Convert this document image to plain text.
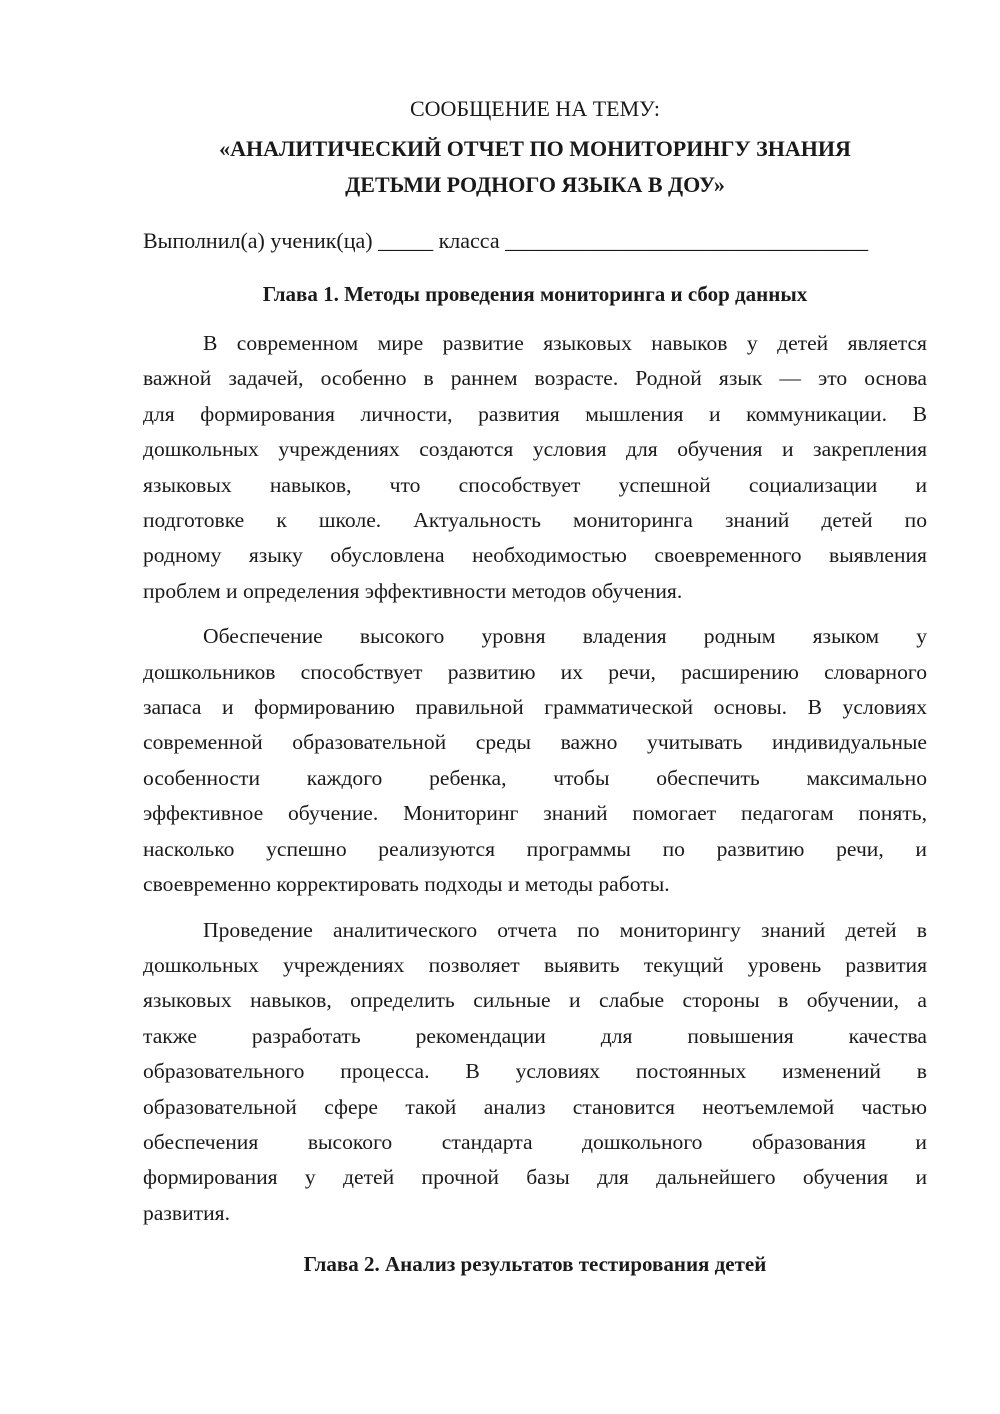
СООБЩЕНИЕ НА ТЕМУ:

«АНАЛИТИЧЕСКИЙ ОТЧЕТ ПО МОНИТОРИНГУ ЗНАНИЯ
ДЕТЬМИ РОДНОГО ЯЗЫКА В ДОУ»

Выполнил(а) ученик(ца) _____ класса _________________________________

Глава 1. Методы проведения мониторинга и сбор данных
В современном мире развитие языковых навыков у детей является
важной задачей, особенно в раннем возрасте. Родной язык — это основа
для формирования личности, развития мышления и коммуникации. В
дошкольных учреждениях создаются условия для обучения и закрепления
языковых навыков, что способствует успешной социализации и
подготовке к школе. Актуальность мониторинга знаний детей по
родному языку обусловлена необходимостью своевременного выявления
проблем и определения эффективности методов обучения.
Обеспечение высокого уровня владения родным языком у
дошкольников способствует развитию их речи, расширению словарного
запаса и формированию правильной грамматической основы. В условиях
современной образовательной среды важно учитывать индивидуальные
особенности каждого ребенка, чтобы обеспечить максимально
эффективное обучение. Мониторинг знаний помогает педагогам понять,
насколько успешно реализуются программы по развитию речи, и
своевременно корректировать подходы и методы работы.
Проведение аналитического отчета по мониторингу знаний детей в
дошкольных учреждениях позволяет выявить текущий уровень развития
языковых навыков, определить сильные и слабые стороны в обучении, а
также разработать рекомендации для повышения качества
образовательного процесса. В условиях постоянных изменений в
образовательной сфере такой анализ становится неотъемлемой частью
обеспечения высокого стандарта дошкольного образования и
формирования у детей прочной базы для дальнейшего обучения и
развития.
Глава 2. Анализ результатов тестирования детей
